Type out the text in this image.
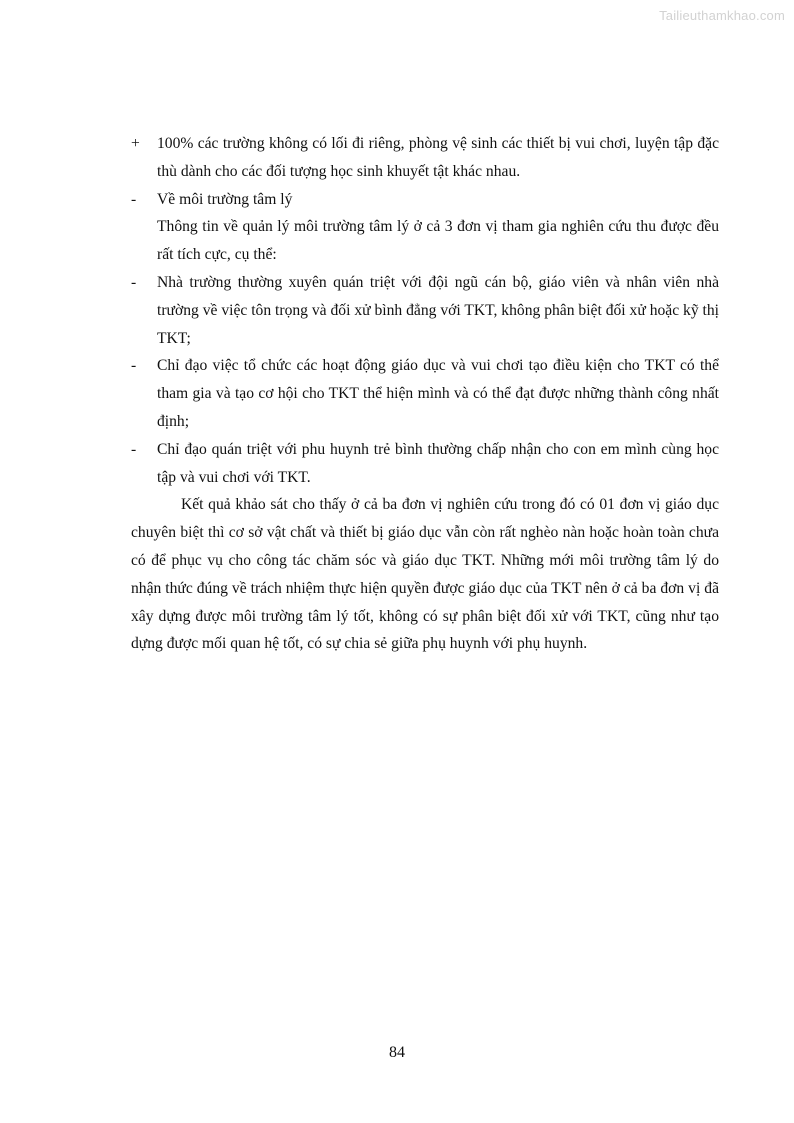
Tailieuthamkhao.com
+ 100% các trường không có lối đi riêng, phòng vệ sinh các thiết bị vui chơi, luyện tập đặc thù dành cho các đối tượng học sinh khuyết tật khác nhau.
- Về môi trường tâm lý
Thông tin về quản lý môi trường tâm lý ở cả 3 đơn vị tham gia nghiên cứu thu được đều rất tích cực, cụ thể:
- Nhà trường thường xuyên quán triệt với đội ngũ cán bộ, giáo viên và nhân viên nhà trường về việc tôn trọng và đối xử bình đẳng với TKT, không phân biệt đối xử hoặc kỹ thị TKT;
- Chỉ đạo việc tổ chức các hoạt động giáo dục và vui chơi tạo điều kiện cho TKT có thể tham gia và tạo cơ hội cho TKT thể hiện mình và có thể đạt được những thành công nhất định;
- Chỉ đạo quán triệt với phu huynh trẻ bình thường chấp nhận cho con em mình cùng học tập và vui chơi với TKT.
Kết quả khảo sát cho thấy ở cả ba đơn vị nghiên cứu trong đó có 01 đơn vị giáo dục chuyên biệt thì cơ sở vật chất và thiết bị giáo dục vẫn còn rất nghèo nàn hoặc hoàn toàn chưa có để phục vụ cho công tác chăm sóc và giáo dục TKT. Những mới môi trường tâm lý do nhận thức đúng về trách nhiệm thực hiện quyền được giáo dục của TKT nên ở cả ba đơn vị đã xây dựng được môi trường tâm lý tốt, không có sự phân biệt đối xử với TKT, cũng như tạo dựng được mối quan hệ tốt, có sự chia sẻ giữa phụ huynh với phụ huynh.
84
